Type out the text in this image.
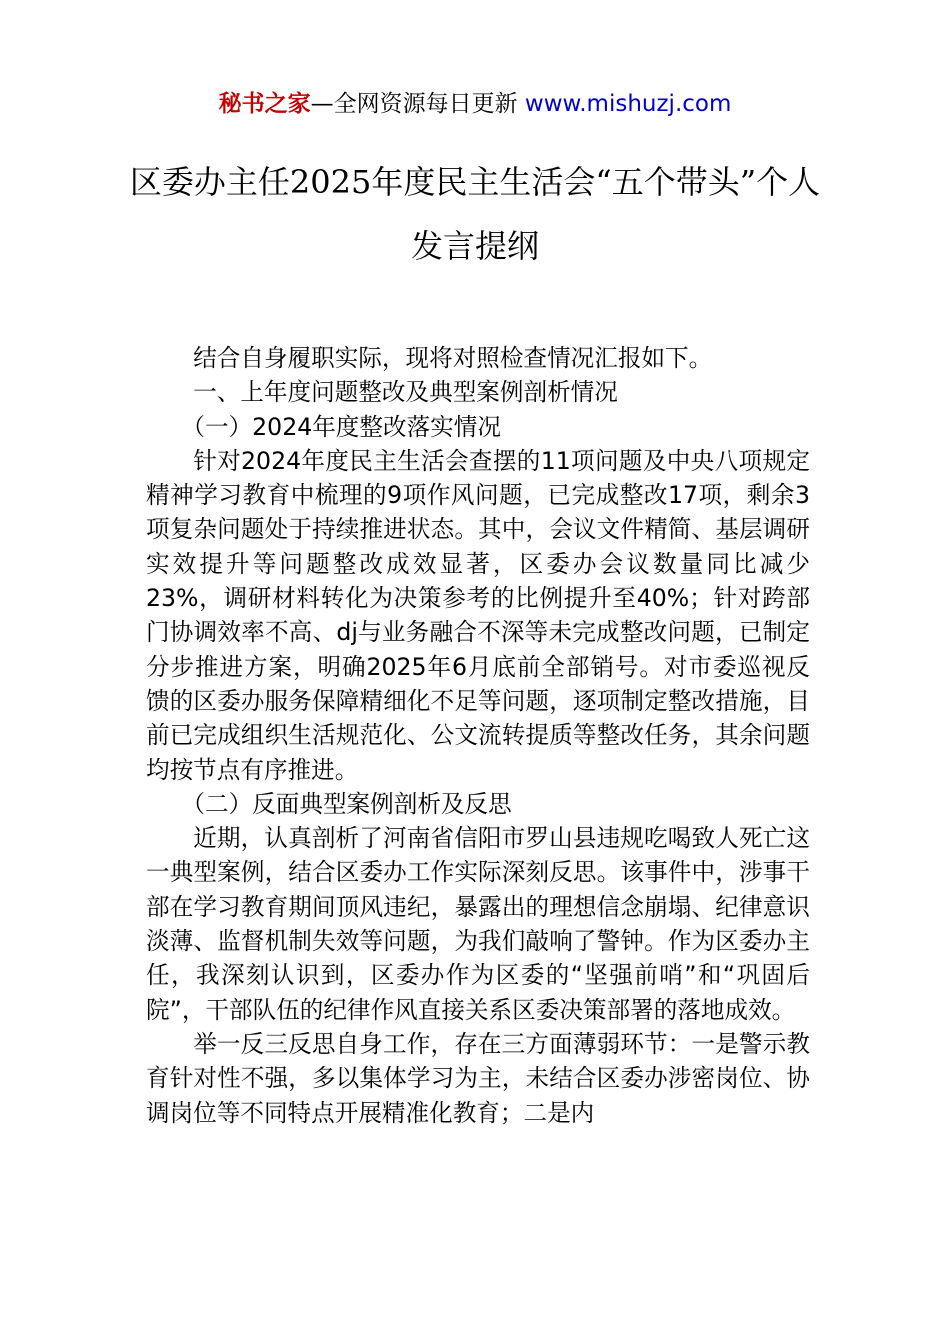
秘书之家—全网资源每日更新 www.mishuzj.com
区委办主任2025年度民主生活会“五个带头”个人发言提纲

结合自身履职实际，现将对照检查情况汇报如下。

一、上年度问题整改及典型案例剖析情况

（一）2024年度整改落实情况

针对2024年度民主生活会查摆的11项问题及中央八项规定精神学习教育中梳理的9项作风问题，已完成整改17项，剩余3项复杂问题处于持续推进状态。其中，会议文件精简、基层调研实效提升等问题整改成效显著，区委办会议数量同比减少23%，调研材料转化为决策参考的比例提升至40%；针对跨部门协调效率不高、dj与业务融合不深等未完成整改问题，已制定分步推进方案，明确2025年6月底前全部销号。对市委巡视反馈的区委办服务保障精细化不足等问题，逐项制定整改措施，目前已完成组织生活规范化、公文流转提质等整改任务，其余问题均按节点有序推进。

（二）反面典型案例剖析及反思

近期，认真剖析了河南省信阳市罗山县违规吃喝致人死亡这一典型案例，结合区委办工作实际深刻反思。该事件中，涉事干部在学习教育期间顶风违纪，暴露出的理想信念崩塌、纪律意识淡薄、监督机制失效等问题，为我们敲响了警钟。作为区委办主任，我深刻认识到，区委办作为区委的“坚强前哨”和“巩固后院”，干部队伍的纪律作风直接关系区委决策部署的落地成效。

举一反三反思自身工作，存在三方面薄弱环节：一是警示教育针对性不强，多以集体学习为主，未结合区委办涉密岗位、协调岗位等不同特点开展精准化教育；二是内
